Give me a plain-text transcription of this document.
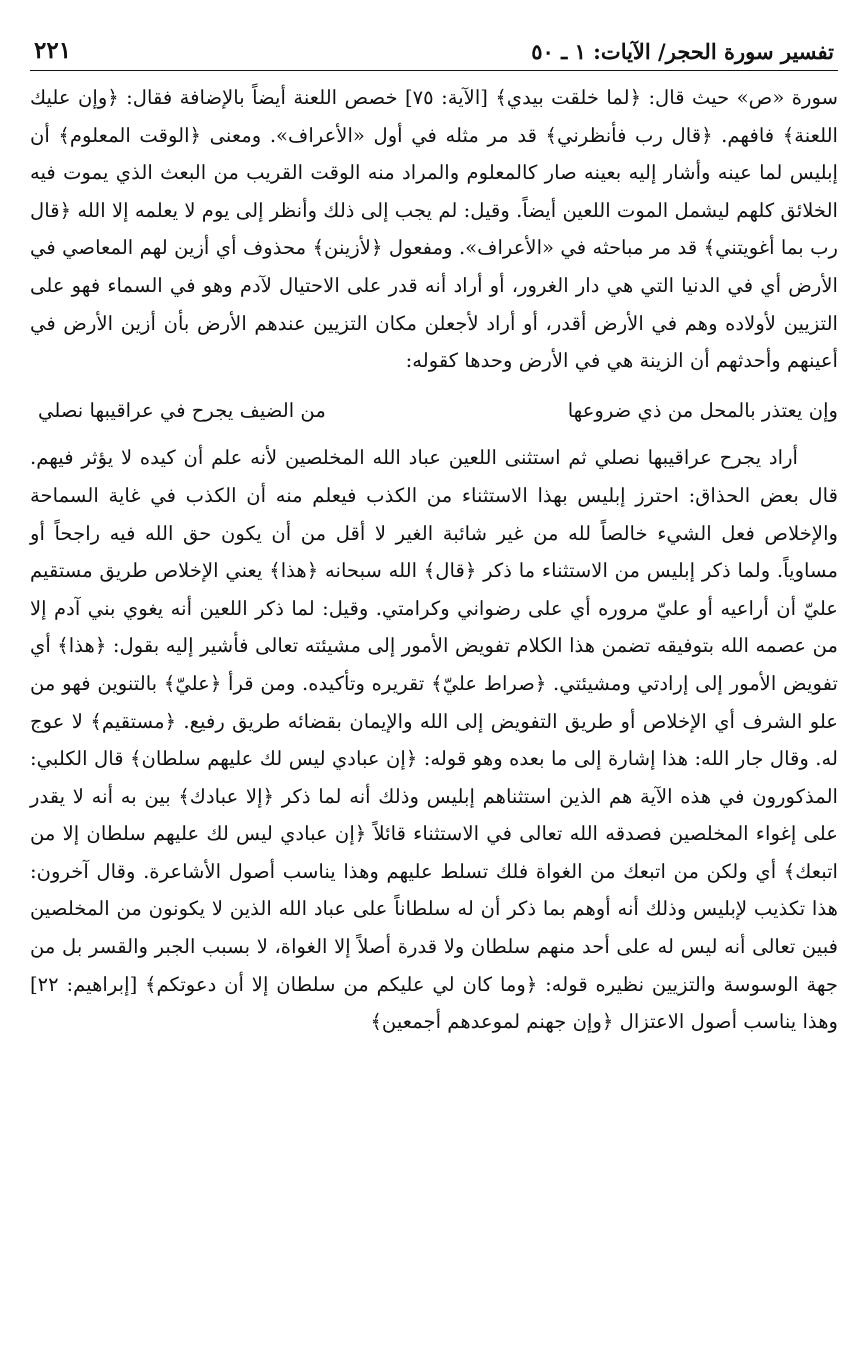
تفسير سورة الحجر/ الآيات: ١ ـ ٥٠
٢٢١

سورة «ص» حيث قال: ﴿لما خلقت بيدي﴾ [الآية: ٧٥] خصص اللعنة أيضاً بالإضافة فقال: ﴿وإن عليك اللعنة﴾ فافهم. ﴿قال رب فأنظرني﴾ قد مر مثله في أول «الأعراف». ومعنى ﴿الوقت المعلوم﴾ أن إبليس لما عينه وأشار إليه بعينه صار كالمعلوم والمراد منه الوقت القريب من البعث الذي يموت فيه الخلائق كلهم ليشمل الموت اللعين أيضاً. وقيل: لم يجب إلى ذلك وأنظر إلى يوم لا يعلمه إلا الله ﴿قال رب بما أغويتني﴾ قد مر مباحثه في «الأعراف». ومفعول ﴿لأزينن﴾ محذوف أي أزين لهم المعاصي في الأرض أي في الدنيا التي هي دار الغرور، أو أراد أنه قدر على الاحتيال لآدم وهو في السماء فهو على التزيين لأولاده وهم في الأرض أقدر، أو أراد لأجعلن مكان التزيين عندهم الأرض بأن أزين الأرض في أعينهم وأحدثهم أن الزينة هي في الأرض وحدها كقوله:

وإن يعتذر بالمحل من ذي ضروعها
من الضيف يجرح في عراقيبها نصلي

أراد يجرح عراقيبها نصلي ثم استثنى اللعين عباد الله المخلصين لأنه علم أن كيده لا يؤثر فيهم. قال بعض الحذاق: احترز إبليس بهذا الاستثناء من الكذب فيعلم منه أن الكذب في غاية السماحة والإخلاص فعل الشيء خالصاً لله من غير شائبة الغير لا أقل من أن يكون حق الله فيه راجحاً أو مساوياً. ولما ذكر إبليس من الاستثناء ما ذكر ﴿قال﴾ الله سبحانه ﴿هذا﴾ يعني الإخلاص طريق مستقيم عليّ أن أراعيه أو عليّ مروره أي على رضواني وكرامتي. وقيل: لما ذكر اللعين أنه يغوي بني آدم إلا من عصمه الله بتوفيقه تضمن هذا الكلام تفويض الأمور إلى مشيئته تعالى فأشير إليه بقول: ﴿هذا﴾ أي تفويض الأمور إلى إرادتي ومشيئتي. ﴿صراط عليّ﴾ تقريره وتأكيده. ومن قرأ ﴿عليّ﴾ بالتنوين فهو من علو الشرف أي الإخلاص أو طريق التفويض إلى الله والإيمان بقضائه طريق رفيع. ﴿مستقيم﴾ لا عوج له. وقال جار الله: هذا إشارة إلى ما بعده وهو قوله: ﴿إن عبادي ليس لك عليهم سلطان﴾ قال الكلبي: المذكورون في هذه الآية هم الذين استثناهم إبليس وذلك أنه لما ذكر ﴿إلا عبادك﴾ بين به أنه لا يقدر على إغواء المخلصين فصدقه الله تعالى في الاستثناء قائلاً ﴿إن عبادي ليس لك عليهم سلطان إلا من اتبعك﴾ أي ولكن من اتبعك من الغواة فلك تسلط عليهم وهذا يناسب أصول الأشاعرة. وقال آخرون: هذا تكذيب لإبليس وذلك أنه أوهم بما ذكر أن له سلطاناً على عباد الله الذين لا يكونون من المخلصين فبين تعالى أنه ليس له على أحد منهم سلطان ولا قدرة أصلاً إلا الغواة، لا بسبب الجبر والقسر بل من جهة الوسوسة والتزيين نظيره قوله: ﴿وما كان لي عليكم من سلطان إلا أن دعوتكم﴾ [إبراهيم: ٢٢] وهذا يناسب أصول الاعتزال ﴿وإن جهنم لموعدهم أجمعين﴾
